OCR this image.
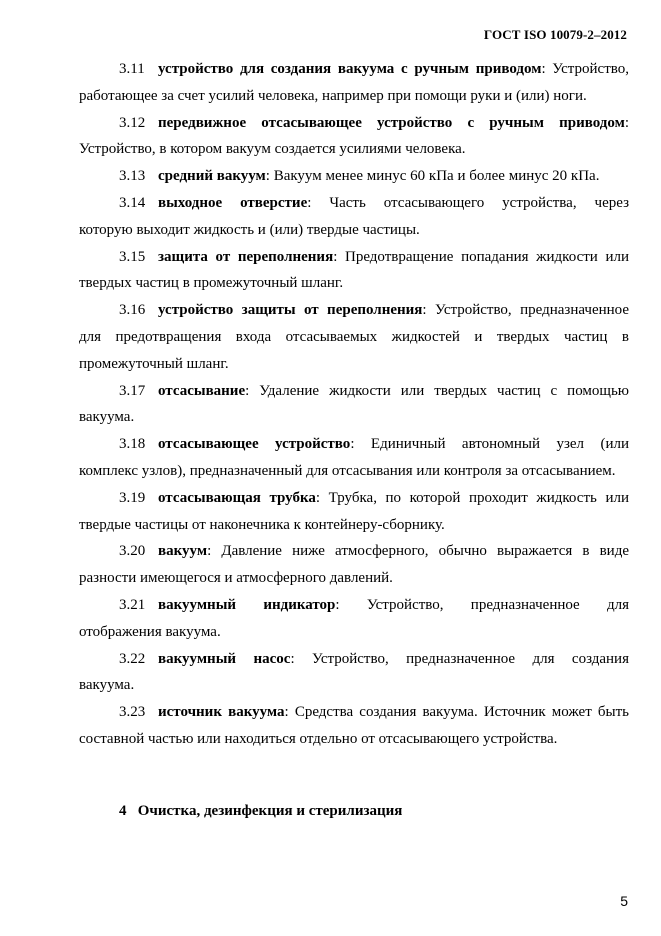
ГОСТ ISO 10079-2–2012

3.11 устройство для создания вакуума с ручным приводом: Устройство,
работающее за счет усилий человека, например при помощи руки и (или) ноги.

3.12 передвижное отсасывающее устройство с ручным приводом:
Устройство, в котором вакуум создается усилиями человека.

3.13 средний вакуум: Вакуум менее минус 60 кПа и более минус 20 кПа.

3.14 выходное отверстие: Часть отсасывающего устройства, через
которую выходит жидкость и (или) твердые частицы.

3.15 защита от переполнения: Предотвращение попадания жидкости или
твердых частиц в промежуточный шланг.

3.16 устройство защиты от переполнения: Устройство, предназначенное
для предотвращения входа отсасываемых жидкостей и твердых частиц в промежуточный шланг.

3.17 отсасывание: Удаление жидкости или твердых частиц с помощью
вакуума.

3.18 отсасывающее устройство: Единичный автономный узел (или
комплекс узлов), предназначенный для отсасывания или контроля за отсасыванием.

3.19 отсасывающая трубка: Трубка, по которой проходит жидкость или
твердые частицы от наконечника к контейнеру-сборнику.

3.20 вакуум: Давление ниже атмосферного, обычно выражается в виде
разности имеющегося и атмосферного давлений.

3.21 вакуумный индикатор: Устройство, предназначенное для
отображения вакуума.

3.22 вакуумный насос: Устройство, предназначенное для создания
вакуума.

3.23 источник вакуума: Средства создания вакуума. Источник может быть
составной частью или находиться отдельно от отсасывающего устройства.

4 Очистка, дезинфекция и стерилизация
5
